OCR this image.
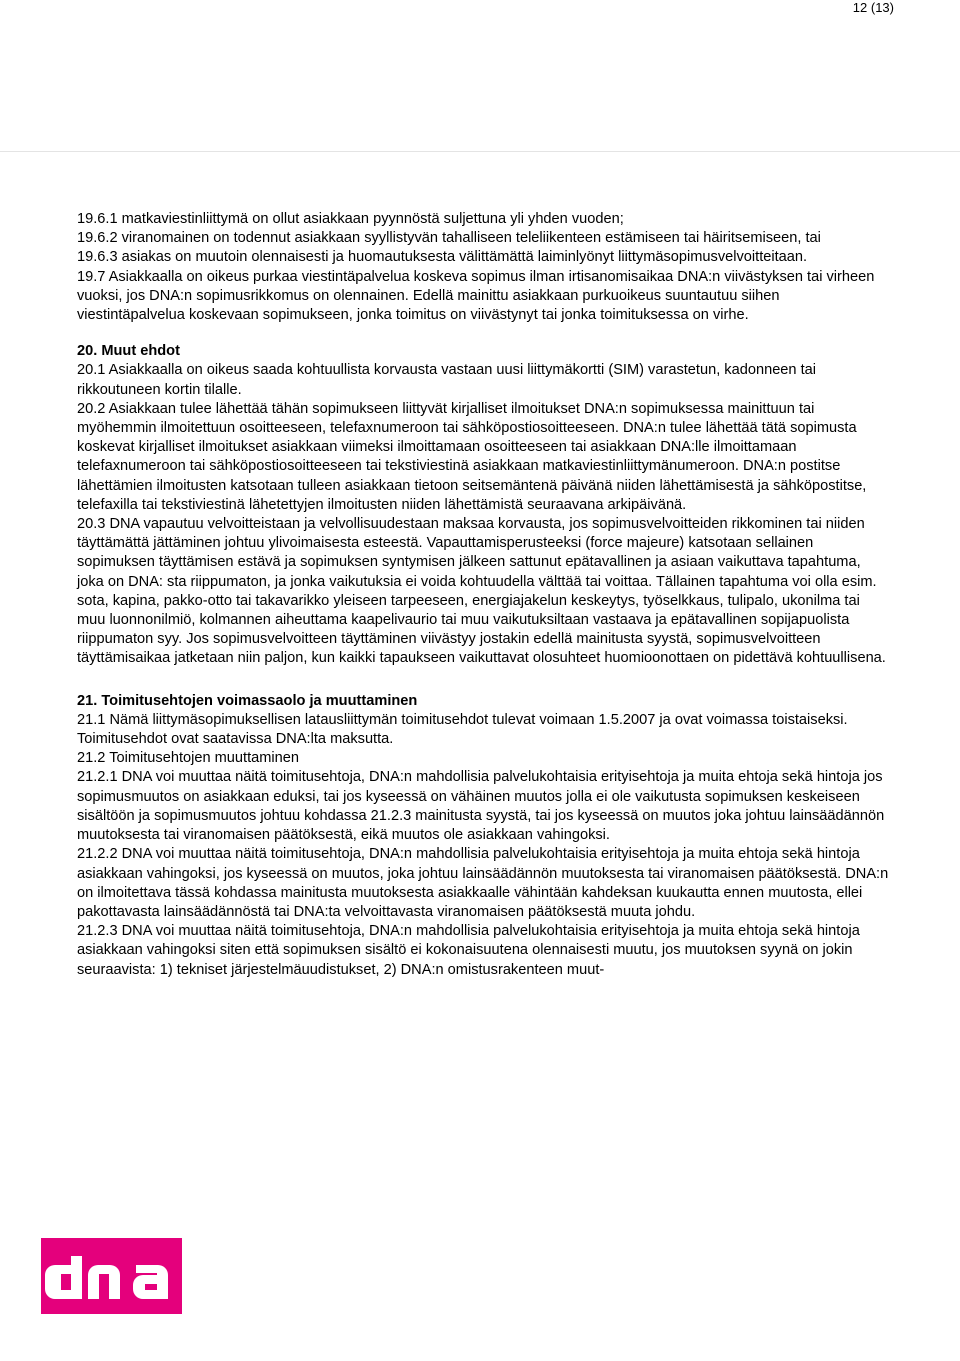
12 (13)

19.6.1 matkaviestinliittymä on ollut asiakkaan pyynnöstä suljettuna yli yhden vuoden;

19.6.2 viranomainen on todennut asiakkaan syyllistyvän tahalliseen teleliikenteen estämiseen tai häiritsemiseen, tai

19.6.3 asiakas on muutoin olennaisesti ja huomautuksesta välittämättä laiminlyönyt liittymäsopimusvelvoitteitaan.

19.7 Asiakkaalla on oikeus purkaa viestintäpalvelua koskeva sopimus ilman irtisanomisaikaa DNA:n viivästyksen tai virheen vuoksi, jos DNA:n sopimusrikkomus on olennainen. Edellä mainittu asiakkaan purkuoikeus suuntautuu siihen viestintäpalvelua koskevaan sopimukseen, jonka toimitus on viivästynyt tai jonka toimituksessa on virhe.

20. Muut ehdot

20.1 Asiakkaalla on oikeus saada kohtuullista korvausta vastaan uusi liittymäkortti (SIM) varastetun, kadonneen tai rikkoutuneen kortin tilalle.

20.2 Asiakkaan tulee lähettää tähän sopimukseen liittyvät kirjalliset ilmoitukset DNA:n sopimuksessa mainittuun tai myöhemmin ilmoitettuun osoitteeseen, telefaxnumeroon tai sähköpostiosoitteeseen. DNA:n tulee lähettää tätä sopimusta koskevat kirjalliset ilmoitukset asiakkaan viimeksi ilmoittamaan osoitteeseen tai asiakkaan DNA:lle ilmoittamaan telefaxnumeroon tai sähköpostiosoitteeseen tai tekstiviestinä asiakkaan matkaviestinliittymänumeroon. DNA:n postitse lähettämien ilmoitusten katsotaan tulleen asiakkaan tietoon seitsemäntenä päivänä niiden lähettämisestä ja sähköpostitse, telefaxilla tai tekstiviestinä lähetettyjen ilmoitusten niiden lähettämistä seuraavana arkipäivänä.

20.3 DNA vapautuu velvoitteistaan ja velvollisuudestaan maksaa korvausta, jos sopimusvelvoitteiden rikkominen tai niiden täyttämättä jättäminen johtuu ylivoimaisesta esteestä. Vapauttamisperusteeksi (force majeure) katsotaan sellainen sopimuksen täyttämisen estävä ja sopimuksen syntymisen jälkeen sattunut epätavallinen ja asiaan vaikuttava tapahtuma, joka on DNA: sta riippumaton, ja jonka vaikutuksia ei voida kohtuudella välttää tai voittaa. Tällainen tapahtuma voi olla esim. sota, kapina, pakko-otto tai takavarikko yleiseen tarpeeseen, energiajakelun keskeytys, työselkkaus, tulipalo, ukonilma tai muu luonnonilmiö, kolmannen aiheuttama kaapelivaurio tai muu vaikutuksiltaan vastaava ja epätavallinen sopijapuolista riippumaton syy. Jos sopimusvelvoitteen täyttäminen viivästyy jostakin edellä mainitusta syystä, sopimusvelvoitteen täyttämisaikaa jatketaan niin paljon, kun kaikki tapaukseen vaikuttavat olosuhteet huomioonottaen on pidettävä kohtuullisena.

21. Toimitusehtojen voimassaolo ja muuttaminen

21.1 Nämä liittymäsopimuksellisen latausliittymän toimitusehdot tulevat voimaan 1.5.2007 ja ovat voimassa toistaiseksi. Toimitusehdot ovat saatavissa DNA:lta maksutta.

21.2 Toimitusehtojen muuttaminen

21.2.1 DNA voi muuttaa näitä toimitusehtoja, DNA:n mahdollisia palvelukohtaisia erityisehtoja ja muita ehtoja sekä hintoja jos sopimusmuutos on asiakkaan eduksi, tai jos kyseessä on vähäinen muutos jolla ei ole vaikutusta sopimuksen keskeiseen sisältöön ja sopimusmuutos johtuu kohdassa 21.2.3 mainitusta syystä, tai jos kyseessä on muutos joka johtuu lainsäädännön muutoksesta tai viranomaisen päätöksestä, eikä muutos ole asiakkaan vahingoksi.

21.2.2 DNA voi muuttaa näitä toimitusehtoja, DNA:n mahdollisia palvelukohtaisia erityisehtoja ja muita ehtoja sekä hintoja asiakkaan vahingoksi, jos kyseessä on muutos, joka johtuu lainsäädännön muutoksesta tai viranomaisen päätöksestä. DNA:n on ilmoitettava tässä kohdassa mainitusta muutoksesta asiakkaalle vähintään kahdeksan kuukautta ennen muutosta, ellei pakottavasta lainsäädännöstä tai DNA:ta velvoittavasta viranomaisen päätöksestä muuta johdu.

21.2.3 DNA voi muuttaa näitä toimitusehtoja, DNA:n mahdollisia palvelukohtaisia erityisehtoja ja muita ehtoja sekä hintoja asiakkaan vahingoksi siten että sopimuksen sisältö ei kokonaisuutena olennaisesti muutu, jos muutoksen syynä on jokin seuraavista: 1) tekniset järjestelmäuudistukset, 2) DNA:n omistusrakenteen muut-
